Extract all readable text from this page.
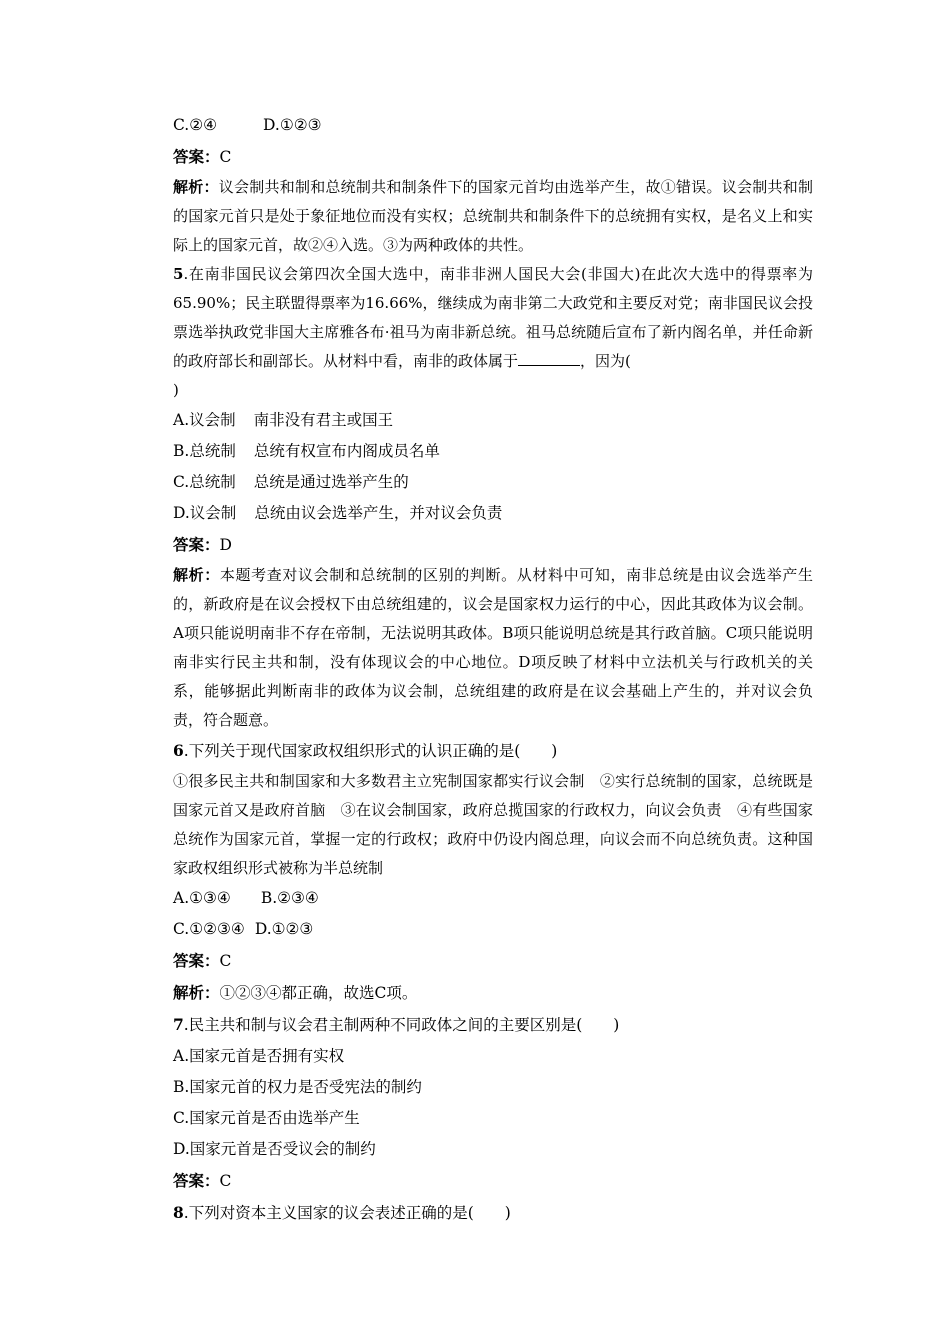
C.②④	D.①②③
答案：C
解析：议会制共和制和总统制共和制条件下的国家元首均由选举产生，故①错误。议会制共和制的国家元首只是处于象征地位而没有实权；总统制共和制条件下的总统拥有实权，是名义上和实际上的国家元首，故②④入选。③为两种政体的共性。
5.在南非国民议会第四次全国大选中，南非非洲人国民大会(非国大)在此次大选中的得票率为65.90%；民主联盟得票率为16.66%，继续成为南非第二大政党和主要反对党；南非国民议会投票选举执政党非国大主席雅各布·祖马为南非新总统。祖马总统随后宣布了新内阁名单，并任命新的政府部长和副部长。从材料中看，南非的政体属于	，因为(
)
A.议会制 南非没有君主或国王
B.总统制 总统有权宣布内阁成员名单
C.总统制 总统是通过选举产生的
D.议会制 总统由议会选举产生，并对议会负责
答案：D
解析：本题考查对议会制和总统制的区别的判断。从材料中可知，南非总统是由议会选举产生的，新政府是在议会授权下由总统组建的，议会是国家权力运行的中心，因此其政体为议会制。A项只能说明南非不存在帝制，无法说明其政体。B项只能说明总统是其行政首脑。C项只能说明南非实行民主共和制，没有体现议会的中心地位。D项反映了材料中立法机关与行政机关的关系，能够据此判断南非的政体为议会制，总统组建的政府是在议会基础上产生的，并对议会负责，符合题意。
6.下列关于现代国家政权组织形式的认识正确的是(　　)
①很多民主共和制国家和大多数君主立宪制国家都实行议会制　②实行总统制的国家，总统既是国家元首又是政府首脑　③在议会制国家，政府总揽国家的行政权力，向议会负责　④有些国家总统作为国家元首，掌握一定的行政权；政府中仍设内阁总理，向议会而不向总统负责。这种国家政权组织形式被称为半总统制
A.①③④ B.②③④
C.①②③④ D.①②③
答案：C
解析：①②③④都正确，故选C项。
7.民主共和制与议会君主制两种不同政体之间的主要区别是(　　)
A.国家元首是否拥有实权
B.国家元首的权力是否受宪法的制约
C.国家元首是否由选举产生
D.国家元首是否受议会的制约
答案：C
8.下列对资本主义国家的议会表述正确的是(　　)
